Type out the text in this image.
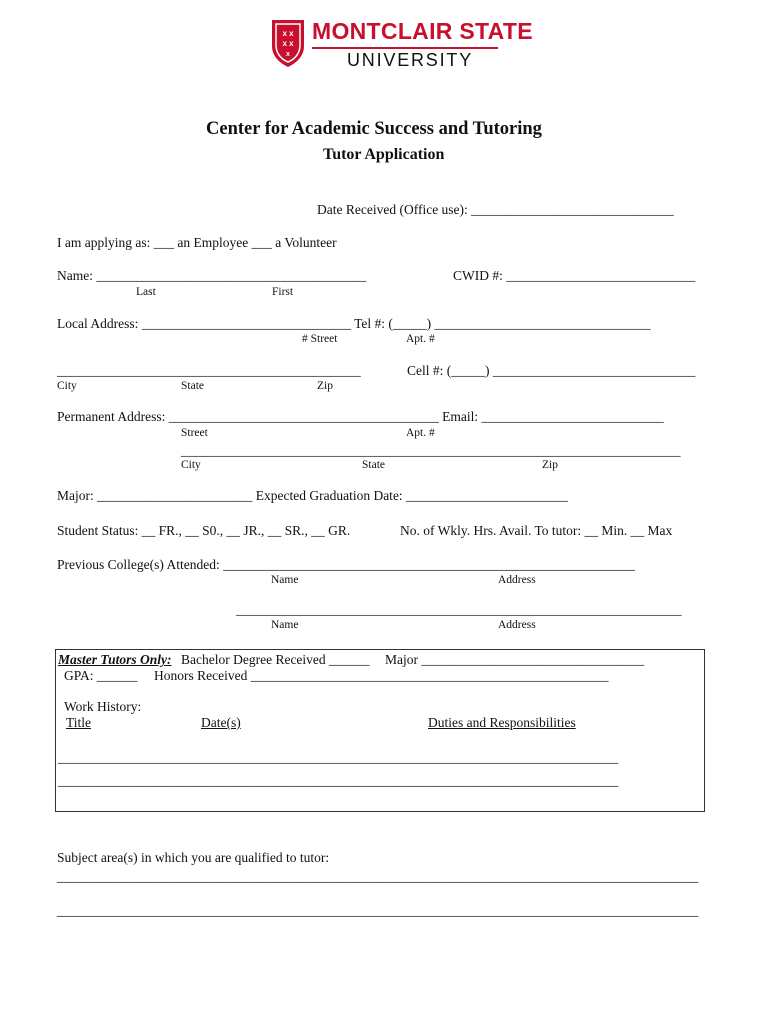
x x
x x
x
MONTCLAIR STATE
UNIVERSITY
Center for Academic Success and Tutoring
Tutor Application
Date Received (Office use): ______________________________
I am applying as: ___ an Employee ___ a Volunteer
Name: ________________________________________	CWID #: ____________________________
Last	First
Local Address: _______________________________ Tel #: (_____) ________________________________
# Street	Apt. #
_____________________________________________	Cell #: (_____) ______________________________
City	State	Zip
Permanent Address: ________________________________________ Email: ___________________________
Street	Apt. #
__________________________________________________________________________
City	State	Zip
Major: _______________________ Expected Graduation Date: ________________________
Student Status: __ FR., __ S0., __ JR., __ SR., __ GR.	No. of Wkly. Hrs. Avail. To tutor: __ Min. __ Max
Previous College(s) Attended: _____________________________________________________________
Name	Address
__________________________________________________________________
Name	Address
Master Tutors Only: Bachelor Degree Received ______ Major _________________________________
GPA: ______ Honors Received _____________________________________________________
Work History:
Title	Date(s)	Duties and Responsibilities
___________________________________________________________________________________
___________________________________________________________________________________
Subject area(s) in which you are qualified to tutor:
_______________________________________________________________________________________________
_______________________________________________________________________________________________
